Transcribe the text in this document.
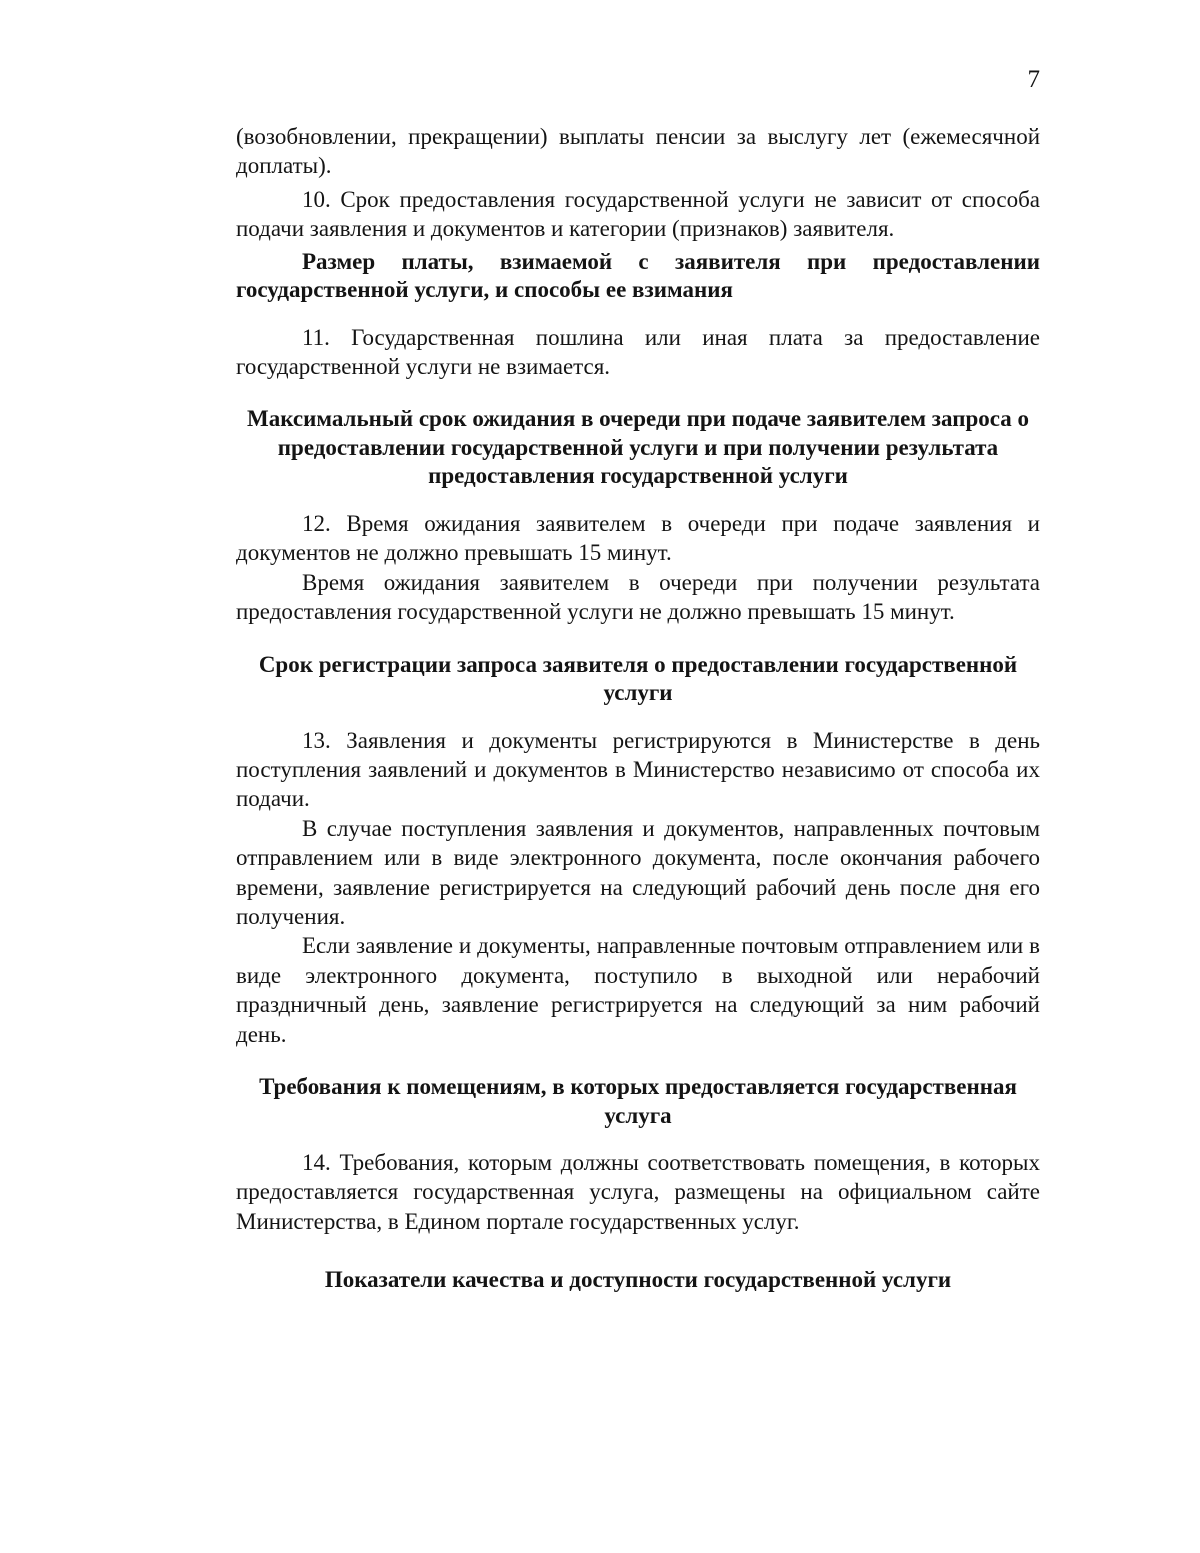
7

(возобновлении, прекращении) выплаты пенсии за выслугу лет (ежемесячной доплаты).

10. Срок предоставления государственной услуги не зависит от способа подачи заявления и документов и категории (признаков) заявителя.

Размер платы, взимаемой с заявителя при предоставлении государственной услуги, и способы ее взимания

11. Государственная пошлина или иная плата за предоставление государственной услуги не взимается.

Максимальный срок ожидания в очереди при подаче заявителем запроса о предоставлении государственной услуги и при получении результата предоставления государственной услуги

12. Время ожидания заявителем в очереди при подаче заявления и документов не должно превышать 15 минут.

Время ожидания заявителем в очереди при получении результата предоставления государственной услуги не должно превышать 15 минут.

Срок регистрации запроса заявителя о предоставлении государственной услуги

13. Заявления и документы регистрируются в Министерстве в день поступления заявлений и документов в Министерство независимо от способа их подачи.

В случае поступления заявления и документов, направленных почтовым отправлением или в виде электронного документа, после окончания рабочего времени, заявление регистрируется на следующий рабочий день после дня его получения.

Если заявление и документы, направленные почтовым отправлением или в виде электронного документа, поступило в выходной или нерабочий праздничный день, заявление регистрируется на следующий за ним рабочий день.

Требования к помещениям, в которых предоставляется государственная услуга

14. Требования, которым должны соответствовать помещения, в которых предоставляется государственная услуга, размещены на официальном сайте Министерства, в Едином портале государственных услуг.

Показатели качества и доступности государственной услуги
